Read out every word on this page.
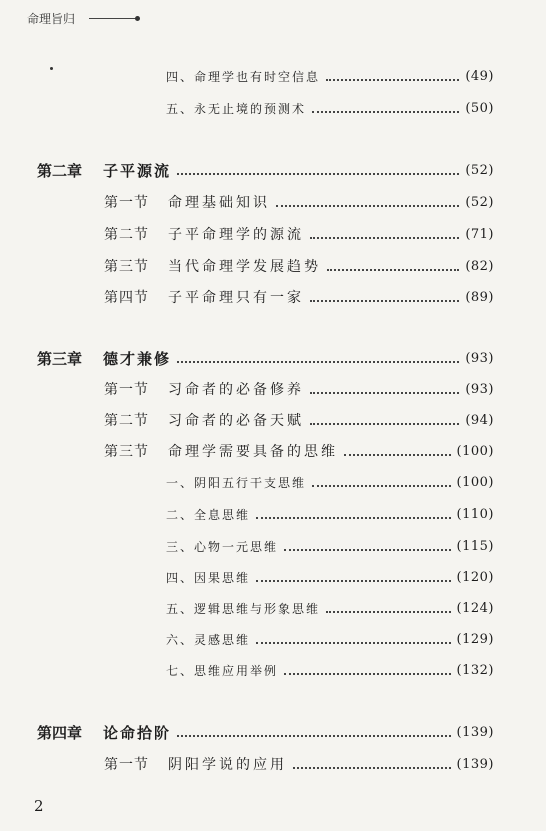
命理旨归
四、命理学也有时空信息	(49)
五、永无止境的预测术	(50)
第二章	子平源流	(52)
第一节	命理基础知识	(52)
第二节	子平命理学的源流	(71)
第三节	当代命理学发展趋势	(82)
第四节	子平命理只有一家	(89)
第三章	德才兼修	(93)
第一节	习命者的必备修养	(93)
第二节	习命者的必备天赋	(94)
第三节	命理学需要具备的思维	(100)
一、阴阳五行干支思维	(100)
二、全息思维	(110)
三、心物一元思维	(115)
四、因果思维	(120)
五、逻辑思维与形象思维	(124)
六、灵感思维	(129)
七、思维应用举例	(132)
第四章	论命拾阶	(139)
第一节	阴阳学说的应用	(139)
2
